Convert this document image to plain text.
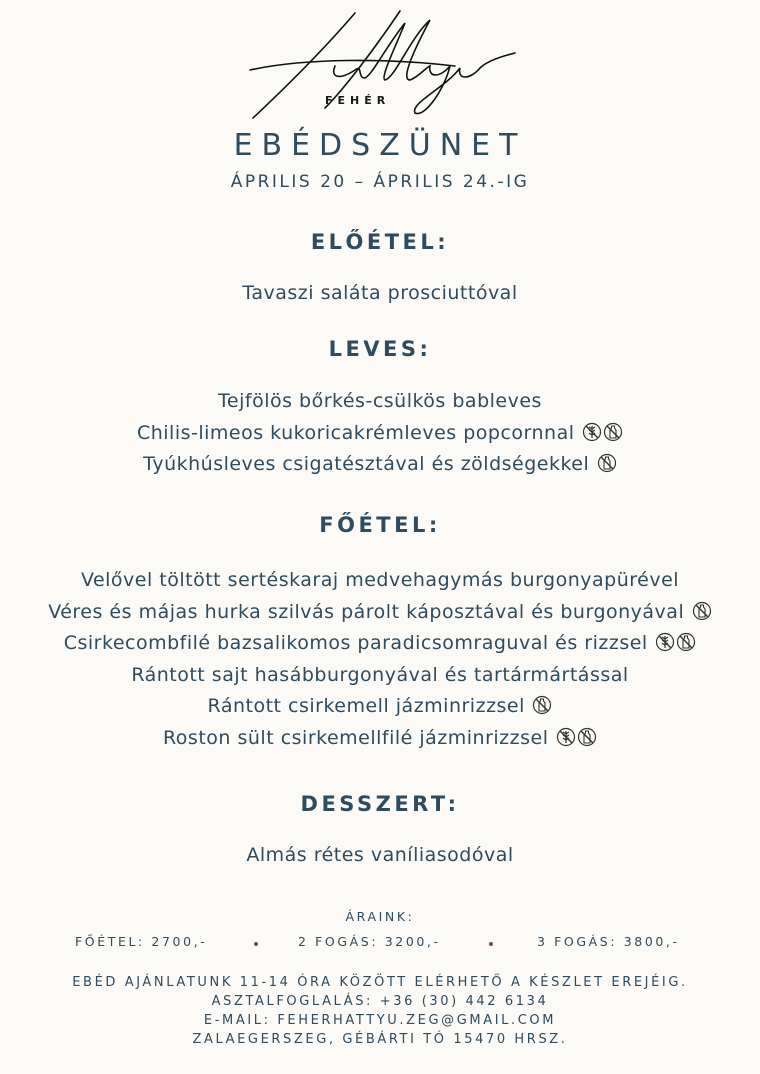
FEHÉR
EBÉDSZÜNET
ÁPRILIS 20 – ÁPRILIS 24.-IG
ELŐÉTEL:
Tavaszi saláta prosciuttóval
LEVES:
Tejfölös bőrkés-csülkös bableves
Chilis-limeos kukoricakrémleves popcornnal
Tyúkhúsleves csigatésztával és zöldségekkel
FŐÉTEL:
Velővel töltött sertéskaraj medvehagymás burgonyapürével
Véres és májas hurka szilvás párolt káposztával és burgonyával
Csirkecombfilé bazsalikomos paradicsomraguval és rizzsel
Rántott sajt hasábburgonyával és tartármártással
Rántott csirkemell jázminrizzsel
Roston sült csirkemellfilé jázminrizzsel
DESSZERT:
Almás rétes vaníliasodóval
ÁRAINK:
FŐÉTEL: 2700,-	2 FOGÁS: 3200,-	3 FOGÁS: 3800,-
EBÉD AJÁNLATUNK 11-14 ÓRA KÖZÖTT ELÉRHETŐ A KÉSZLET EREJÉIG.
ASZTALFOGLALÁS: +36 (30) 442 6134
E-MAIL: FEHERHATTYU.ZEG@GMAIL.COM
ZALAEGERSZEG, GÉBÁRTI TÓ 15470 HRSZ.
